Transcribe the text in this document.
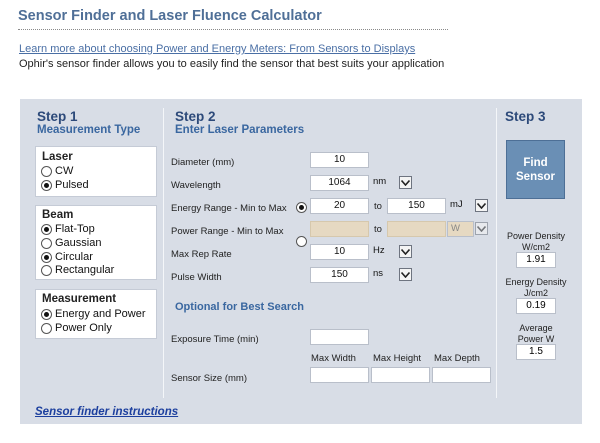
Sensor Finder and Laser Fluence Calculator
Learn more about choosing Power and Energy Meters: From Sensors to Displays
Ophir's sensor finder allows you to easily find the sensor that best suits your application
Step 1
Measurement Type
Laser
CW
Pulsed
Beam
Flat-Top
Gaussian
Circular
Rectangular
Measurement
Energy and Power
Power Only
Step 2
Enter Laser Parameters
Diameter (mm)	10
Wavelength	1064	nm
Energy Range - Min to Max	20	to	150	mJ
Power Range - Min to Max	to	W
Max Rep Rate	10	Hz
Pulse Width	150	ns
Optional for Best Search
Exposure Time (min)
Max Width Max Height Max Depth
Sensor Size (mm)
Step 3
Find
Sensor
Power Density
W/cm2
1.91
Energy Density
J/cm2
0.19
Average
Power W
1.5
Sensor finder instructions
